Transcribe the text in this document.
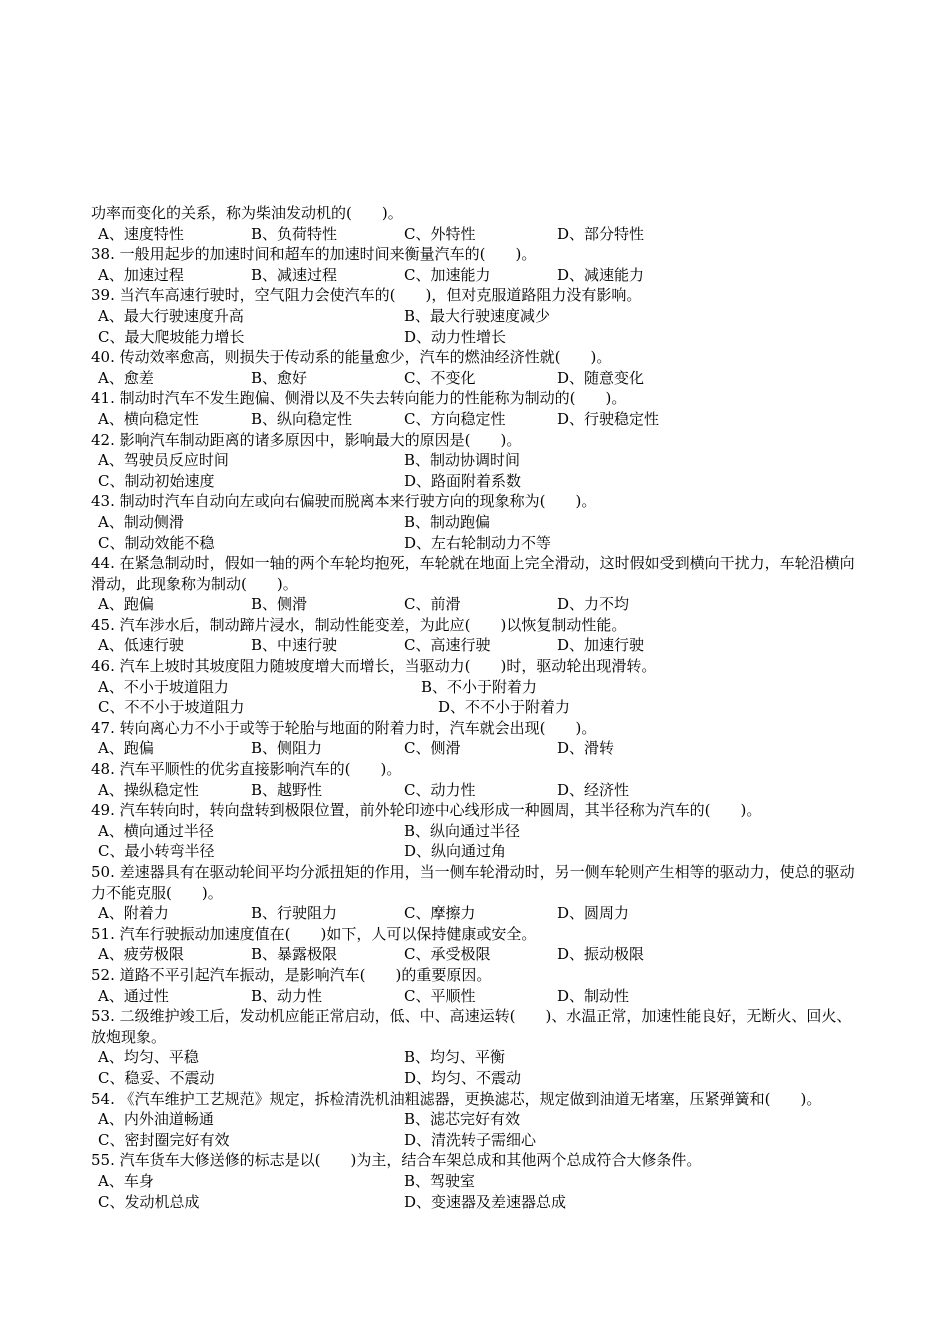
功率而变化的关系，称为柴油发动机的(　　)。
A、速度特性	B、负荷特性	C、外特性	D、部分特性
38. 一般用起步的加速时间和超车的加速时间来衡量汽车的(　　)。
A、加速过程	B、减速过程	C、加速能力	D、减速能力
39. 当汽车高速行驶时，空气阻力会使汽车的(　　)，但对克服道路阻力没有影响。
A、最大行驶速度升高	B、最大行驶速度减少
C、最大爬坡能力增长	D、动力性增长
40. 传动效率愈高，则损失于传动系的能量愈少，汽车的燃油经济性就(　　)。
A、愈差	B、愈好	C、不变化	D、随意变化
41. 制动时汽车不发生跑偏、侧滑以及不失去转向能力的性能称为制动的(　　)。
A、横向稳定性	B、纵向稳定性	C、方向稳定性	D、行驶稳定性
42. 影响汽车制动距离的诸多原因中，影响最大的原因是(　　)。
A、驾驶员反应时间	B、制动协调时间
C、制动初始速度	D、路面附着系数
43. 制动时汽车自动向左或向右偏驶而脱离本来行驶方向的现象称为(　　)。
A、制动侧滑	B、制动跑偏
C、制动效能不稳	D、左右轮制动力不等
44. 在紧急制动时，假如一轴的两个车轮均抱死，车轮就在地面上完全滑动，这时假如受到横向干扰力，车轮沿横向滑动，此现象称为制动(　　)。
A、跑偏	B、侧滑	C、前滑	D、力不均
45. 汽车涉水后，制动蹄片浸水，制动性能变差，为此应(　　)以恢复制动性能。
A、低速行驶	B、中速行驶	C、高速行驶	D、加速行驶
46. 汽车上坡时其坡度阻力随坡度增大而增长，当驱动力(　　)时，驱动轮出现滑转。
A、不小于坡道阻力	B、不小于附着力
C、不不小于坡道阻力	D、不不小于附着力
47. 转向离心力不小于或等于轮胎与地面的附着力时，汽车就会出现(　　)。
A、跑偏	B、侧阻力	C、侧滑	D、滑转
48. 汽车平顺性的优劣直接影响汽车的(　　)。
A、操纵稳定性	B、越野性	C、动力性	D、经济性
49. 汽车转向时，转向盘转到极限位置，前外轮印迹中心线形成一种圆周，其半径称为汽车的(　　)。
A、横向通过半径	B、纵向通过半径
C、最小转弯半径	D、纵向通过角
50. 差速器具有在驱动轮间平均分派扭矩的作用，当一侧车轮滑动时，另一侧车轮则产生相等的驱动力，使总的驱动力不能克服(　　)。
A、附着力	B、行驶阻力	C、摩擦力	D、圆周力
51. 汽车行驶振动加速度值在(　　)如下，人可以保持健康或安全。
A、疲劳极限	B、暴露极限	C、承受极限	D、振动极限
52. 道路不平引起汽车振动，是影响汽车(　　)的重要原因。
A、通过性	B、动力性	C、平顺性	D、制动性
53. 二级维护竣工后，发动机应能正常启动，低、中、高速运转(　　)、水温正常，加速性能良好，无断火、回火、放炮现象。
A、均匀、平稳	B、均匀、平衡
C、稳妥、不震动	D、均匀、不震动
54. 《汽车维护工艺规范》规定，拆检清洗机油粗滤器，更换滤芯，规定做到油道无堵塞，压紧弹簧和(　　)。
A、内外油道畅通	B、滤芯完好有效
C、密封圈完好有效	D、清洗转子需细心
55. 汽车货车大修送修的标志是以(　　)为主，结合车架总成和其他两个总成符合大修条件。
A、车身	B、驾驶室
C、发动机总成	D、变速器及差速器总成
